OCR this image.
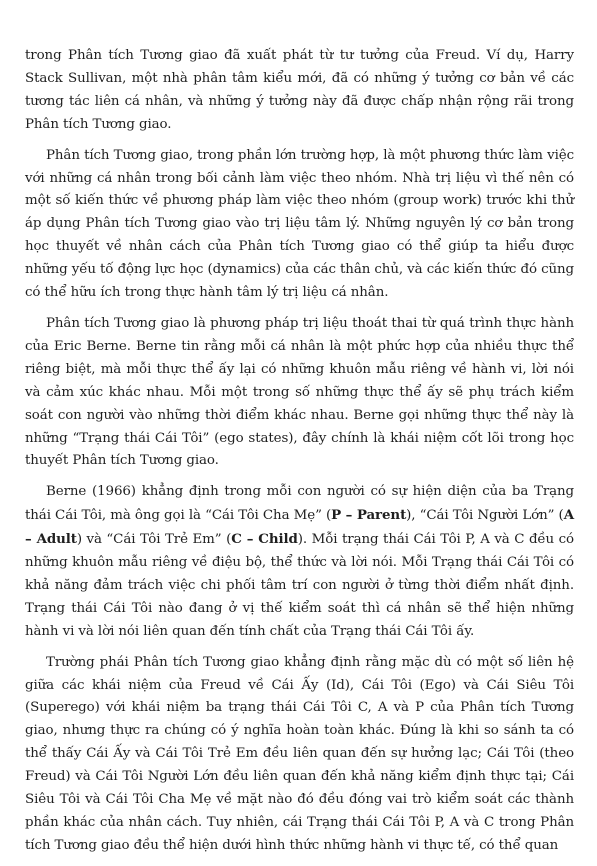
trong Phân tích Tương giao đã xuất phát từ tư tưởng của Freud. Ví dụ, Harry Stack Sullivan, một nhà phân tâm kiểu mới, đã có những ý tưởng cơ bản về các tương tác liên cá nhân, và những ý tưởng này đã được chấp nhận rộng rãi trong Phân tích Tương giao.

Phân tích Tương giao, trong phần lớn trường hợp, là một phương thức làm việc với những cá nhân trong bối cảnh làm việc theo nhóm. Nhà trị liệu vì thế nên có một số kiến thức về phương pháp làm việc theo nhóm (group work) trước khi thử áp dụng Phân tích Tương giao vào trị liệu tâm lý. Những nguyên lý cơ bản trong học thuyết về nhân cách của Phân tích Tương giao có thể giúp ta hiểu được những yếu tố động lực học (dynamics) của các thân chủ, và các kiến thức đó cũng có thể hữu ích trong thực hành tâm lý trị liệu cá nhân.

Phân tích Tương giao là phương pháp trị liệu thoát thai từ quá trình thực hành của Eric Berne. Berne tin rằng mỗi cá nhân là một phức hợp của nhiều thực thể riêng biệt, mà mỗi thực thể ấy lại có những khuôn mẫu riêng về hành vi, lời nói và cảm xúc khác nhau. Mỗi một trong số những thực thể ấy sẽ phụ trách kiểm soát con người vào những thời điểm khác nhau. Berne gọi những thực thể này là những “Trạng thái Cái Tôi” (ego states), đây chính là khái niệm cốt lõi trong học thuyết Phân tích Tương giao.

Berne (1966) khẳng định trong mỗi con người có sự hiện diện của ba Trạng thái Cái Tôi, mà ông gọi là “Cái Tôi Cha Mẹ” (P – Parent), “Cái Tôi Người Lớn” (A – Adult) và “Cái Tôi Trẻ Em” (C – Child). Mỗi trạng thái Cái Tôi P, A và C đều có những khuôn mẫu riêng về điệu bộ, thể thức và lời nói. Mỗi Trạng thái Cái Tôi có khả năng đảm trách việc chi phối tâm trí con người ở từng thời điểm nhất định. Trạng thái Cái Tôi nào đang ở vị thế kiểm soát thì cá nhân sẽ thể hiện những hành vi và lời nói liên quan đến tính chất của Trạng thái Cái Tôi ấy.

Trường phái Phân tích Tương giao khẳng định rằng mặc dù có một số liên hệ giữa các khái niệm của Freud về Cái Ấy (Id), Cái Tôi (Ego) và Cái Siêu Tôi (Superego) với khái niệm ba trạng thái Cái Tôi C, A và P của Phân tích Tương giao, nhưng thực ra chúng có ý nghĩa hoàn toàn khác. Đúng là khi so sánh ta có thể thấy Cái Ấy và Cái Tôi Trẻ Em đều liên quan đến sự hưởng lạc; Cái Tôi (theo Freud) và Cái Tôi Người Lớn đều liên quan đến khả năng kiểm định thực tại; Cái Siêu Tôi và Cái Tôi Cha Mẹ về mặt nào đó đều đóng vai trò kiểm soát các thành phần khác của nhân cách. Tuy nhiên, cái Trạng thái Cái Tôi P, A và C trong Phân tích Tương giao đều thể hiện dưới hình thức những hành vi thực tế, có thể quan
